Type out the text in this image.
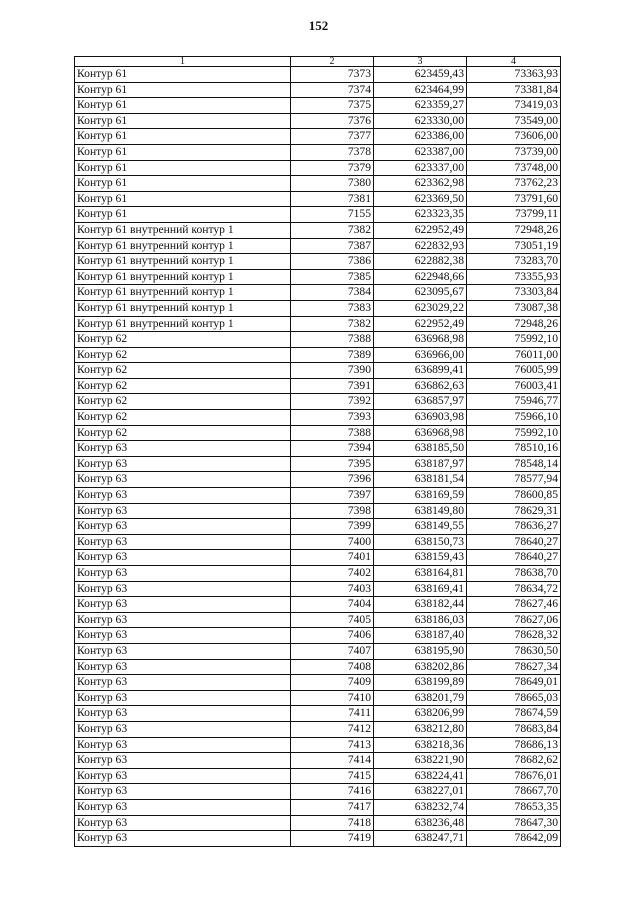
152
1	2	3	4
Контур 61	7373	623459,43	73363,93
Контур 61	7374	623464,99	73381,84
Контур 61	7375	623359,27	73419,03
Контур 61	7376	623330,00	73549,00
Контур 61	7377	623386,00	73606,00
Контур 61	7378	623387,00	73739,00
Контур 61	7379	623337,00	73748,00
Контур 61	7380	623362,98	73762,23
Контур 61	7381	623369,50	73791,60
Контур 61	7155	623323,35	73799,11
Контур 61 внутренний контур 1	7382	622952,49	72948,26
Контур 61 внутренний контур 1	7387	622832,93	73051,19
Контур 61 внутренний контур 1	7386	622882,38	73283,70
Контур 61 внутренний контур 1	7385	622948,66	73355,93
Контур 61 внутренний контур 1	7384	623095,67	73303,84
Контур 61 внутренний контур 1	7383	623029,22	73087,38
Контур 61 внутренний контур 1	7382	622952,49	72948,26
Контур 62	7388	636968,98	75992,10
Контур 62	7389	636966,00	76011,00
Контур 62	7390	636899,41	76005,99
Контур 62	7391	636862,63	76003,41
Контур 62	7392	636857,97	75946,77
Контур 62	7393	636903,98	75966,10
Контур 62	7388	636968,98	75992,10
Контур 63	7394	638185,50	78510,16
Контур 63	7395	638187,97	78548,14
Контур 63	7396	638181,54	78577,94
Контур 63	7397	638169,59	78600,85
Контур 63	7398	638149,80	78629,31
Контур 63	7399	638149,55	78636,27
Контур 63	7400	638150,73	78640,27
Контур 63	7401	638159,43	78640,27
Контур 63	7402	638164,81	78638,70
Контур 63	7403	638169,41	78634,72
Контур 63	7404	638182,44	78627,46
Контур 63	7405	638186,03	78627,06
Контур 63	7406	638187,40	78628,32
Контур 63	7407	638195,90	78630,50
Контур 63	7408	638202,86	78627,34
Контур 63	7409	638199,89	78649,01
Контур 63	7410	638201,79	78665,03
Контур 63	7411	638206,99	78674,59
Контур 63	7412	638212,80	78683,84
Контур 63	7413	638218,36	78686,13
Контур 63	7414	638221,90	78682,62
Контур 63	7415	638224,41	78676,01
Контур 63	7416	638227,01	78667,70
Контур 63	7417	638232,74	78653,35
Контур 63	7418	638236,48	78647,30
Контур 63	7419	638247,71	78642,09
